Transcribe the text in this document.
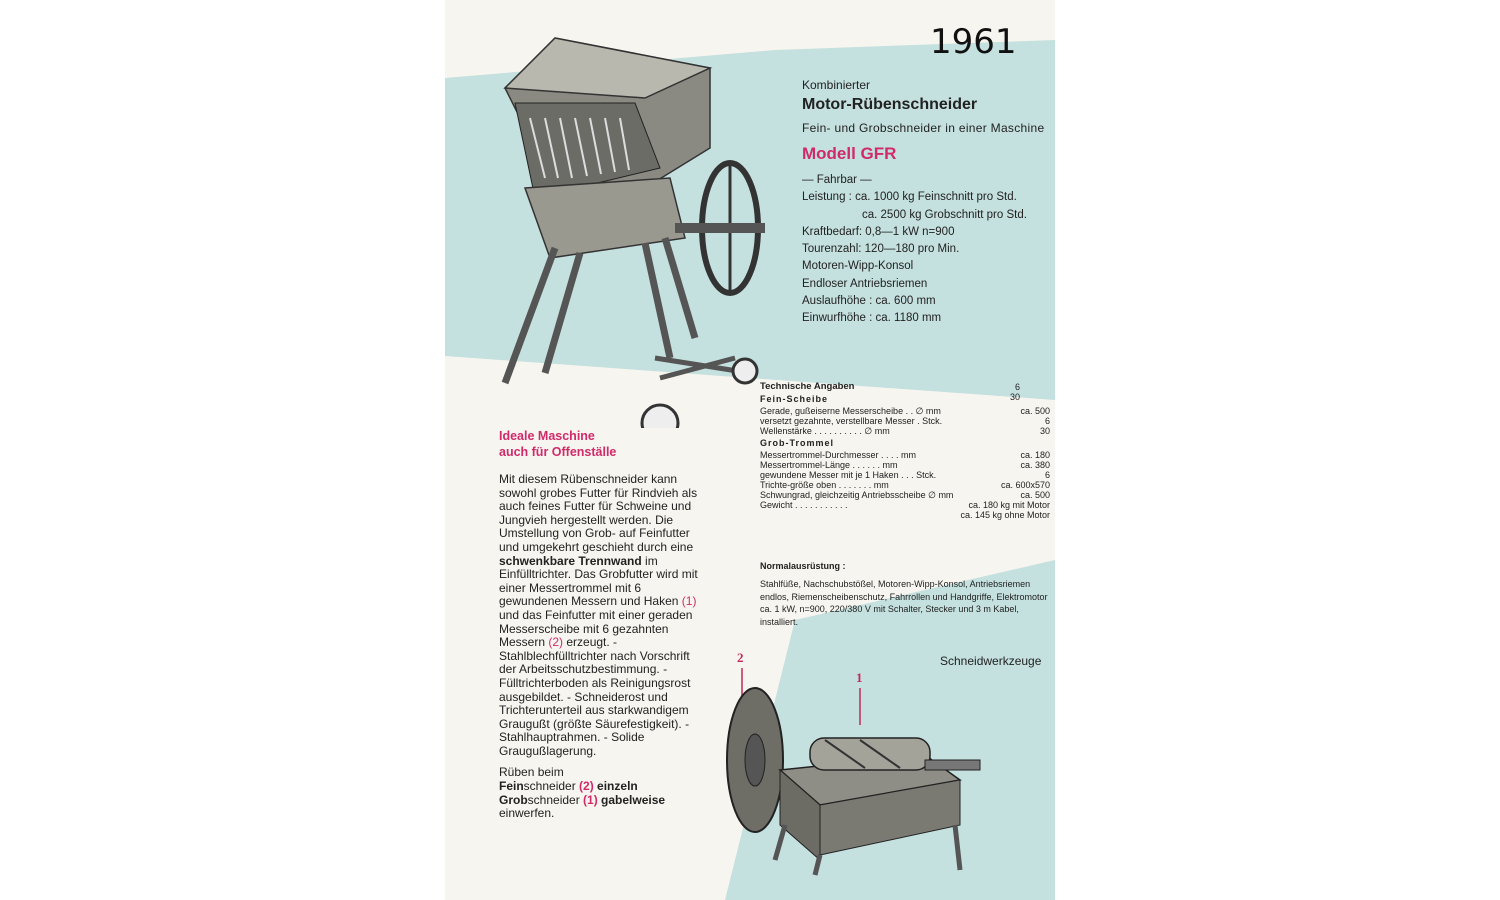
1961
Kombinierter
Motor-Rübenschneider
Fein- und Grobschneider in einer Maschine
Modell GFR
— Fahrbar —
Leistung : ca. 1000 kg Feinschnitt pro Std.
ca. 2500 kg Grobschnitt pro Std.
Kraftbedarf: 0,8—1 kW n=900
Tourenzahl: 120—180 pro Min.
Motoren-Wipp-Konsol
Endloser Antriebsriemen
Auslaufhöhe : ca. 600 mm
Einwurfhöhe : ca. 1180 mm
6
30
Technische Angaben
Fein-Scheibe
Gerade, gußeiserne Messerscheibe . . ∅ mm	ca. 500
versetzt gezahnte, verstellbare Messer . Stck.	6
Wellenstärke . . . . . . . . . . ∅ mm	30
Grob-Trommel
Messertrommel-Durchmesser . . . . mm	ca. 180
Messertrommel-Länge . . . . . . mm	ca. 380
gewundene Messer mit je 1 Haken . . . Stck.	6
Trichte-größe oben . . . . . . . mm	ca. 600x570
Schwungrad, gleichzeitig Antriebsscheibe ∅ mm	ca. 500
Gewicht . . . . . . . . . . .	ca. 180 kg mit Motor
ca. 145 kg ohne Motor
Normalausrüstung :
Stahlfüße, Nachschubstößel, Motoren-Wipp-Konsol, Antriebsriemen endlos, Riemenscheibenschutz, Fahrrollen und Handgriffe, Elektromotor ca. 1 kW, n=900, 220/380 V mit Schalter, Stecker und 3 m Kabel, installiert.
Schneidwerkzeuge
Ideale Maschine
auch für Offenställe
Mit diesem Rübenschneider kann sowohl grobes Futter für Rindvieh als auch feines Futter für Schweine und Jungvieh hergestellt werden. Die Umstellung von Grob- auf Feinfutter und umgekehrt geschieht durch eine schwenkbare Trennwand im Einfülltrichter. Das Grobfutter wird mit einer Messertrommel mit 6 gewundenen Messern und Haken (1) und das Feinfutter mit einer geraden Messerscheibe mit 6 gezahnten Messern (2) erzeugt. - Stahlblechfülltrichter nach Vorschrift der Arbeitsschutzbestimmung. - Fülltrichterboden als Reinigungsrost ausgebildet. - Schneiderost und Trichterunterteil aus starkwandigem Graugußt (größte Säurefestigkeit). - Stahlhauptrahmen. - Solide Graugußlagerung.
Rüben beim
Feinschneider (2) einzeln
Grobschneider (1) gabelweise
einwerfen.
2
1
